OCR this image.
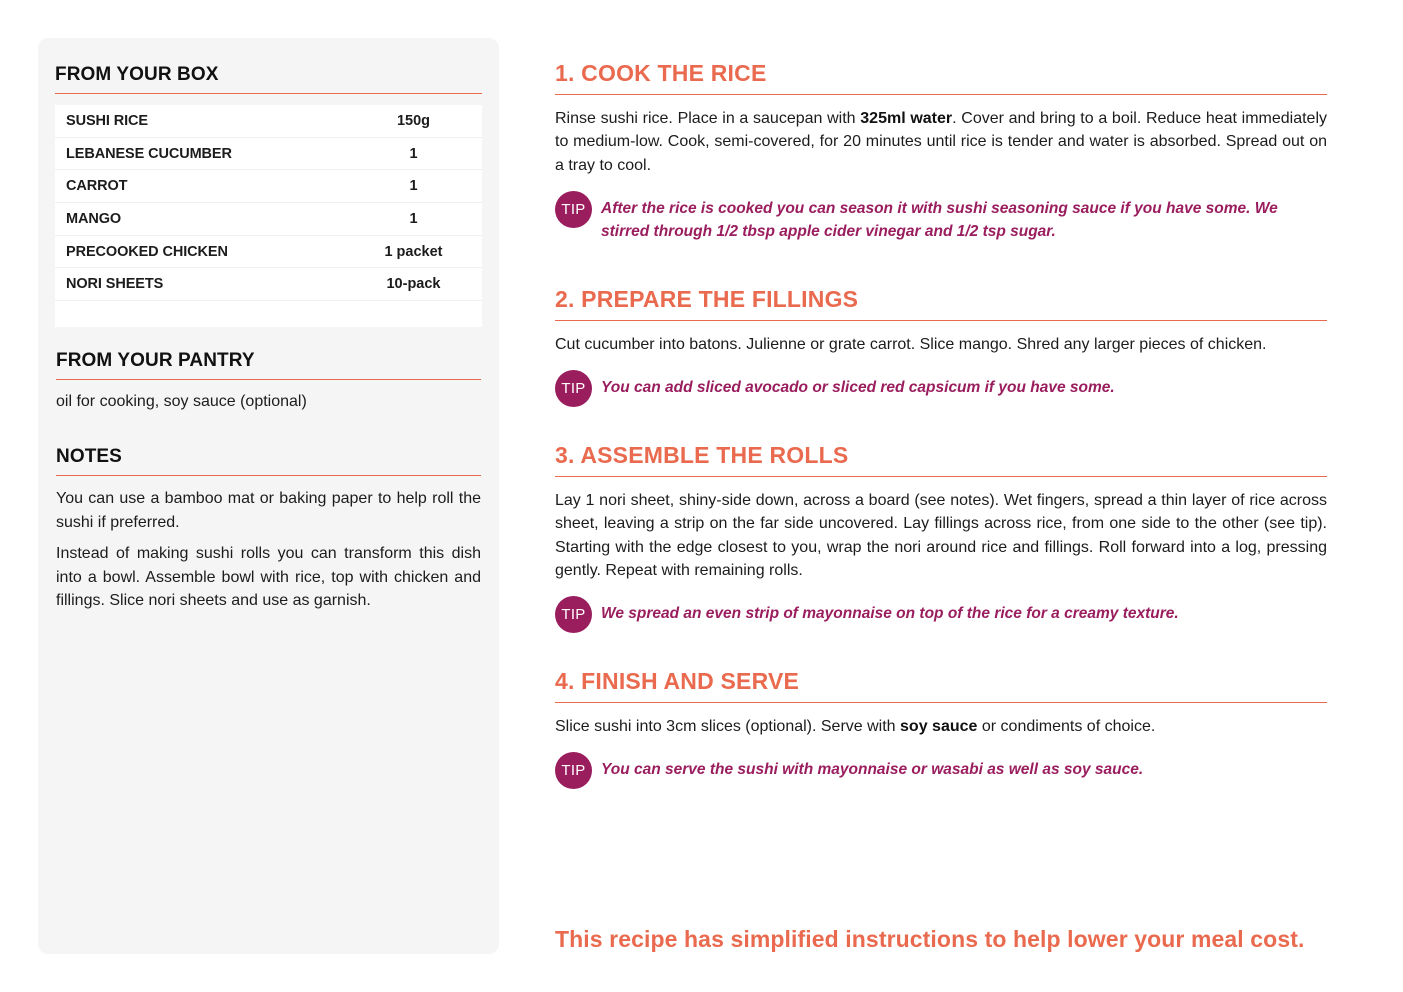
FROM YOUR BOX
SUSHI RICE	150g
LEBANESE CUCUMBER	1
CARROT	1
MANGO	1
PRECOOKED CHICKEN	1 packet
NORI SHEETS	10-pack
FROM YOUR PANTRY
oil for cooking, soy sauce (optional)
NOTES

You can use a bamboo mat or baking paper to help roll the sushi if preferred.

Instead of making sushi rolls you can transform this dish into a bowl. Assemble bowl with rice, top with chicken and fillings. Slice nori sheets and use as garnish.

1. COOK THE RICE
Rinse sushi rice. Place in a saucepan with 325ml water. Cover and bring to a boil. Reduce heat immediately to medium-low. Cook, semi-covered, for 20 minutes until rice is tender and water is absorbed. Spread out on a tray to cool.
TIP After the rice is cooked you can season it with sushi seasoning sauce if you have some. We stirred through 1/2 tbsp apple cider vinegar and 1/2 tsp sugar.
2. PREPARE THE FILLINGS
Cut cucumber into batons. Julienne or grate carrot. Slice mango. Shred any larger pieces of chicken.
TIP You can add sliced avocado or sliced red capsicum if you have some.
3. ASSEMBLE THE ROLLS
Lay 1 nori sheet, shiny-side down, across a board (see notes). Wet fingers, spread a thin layer of rice across sheet, leaving a strip on the far side uncovered. Lay fillings across rice, from one side to the other (see tip). Starting with the edge closest to you, wrap the nori around rice and fillings. Roll forward into a log, pressing gently. Repeat with remaining rolls.
TIP We spread an even strip of mayonnaise on top of the rice for a creamy texture.
4. FINISH AND SERVE
Slice sushi into 3cm slices (optional). Serve with soy sauce or condiments of choice.
TIP You can serve the sushi with mayonnaise or wasabi as well as soy sauce.
This recipe has simplified instructions to help lower your meal cost.
